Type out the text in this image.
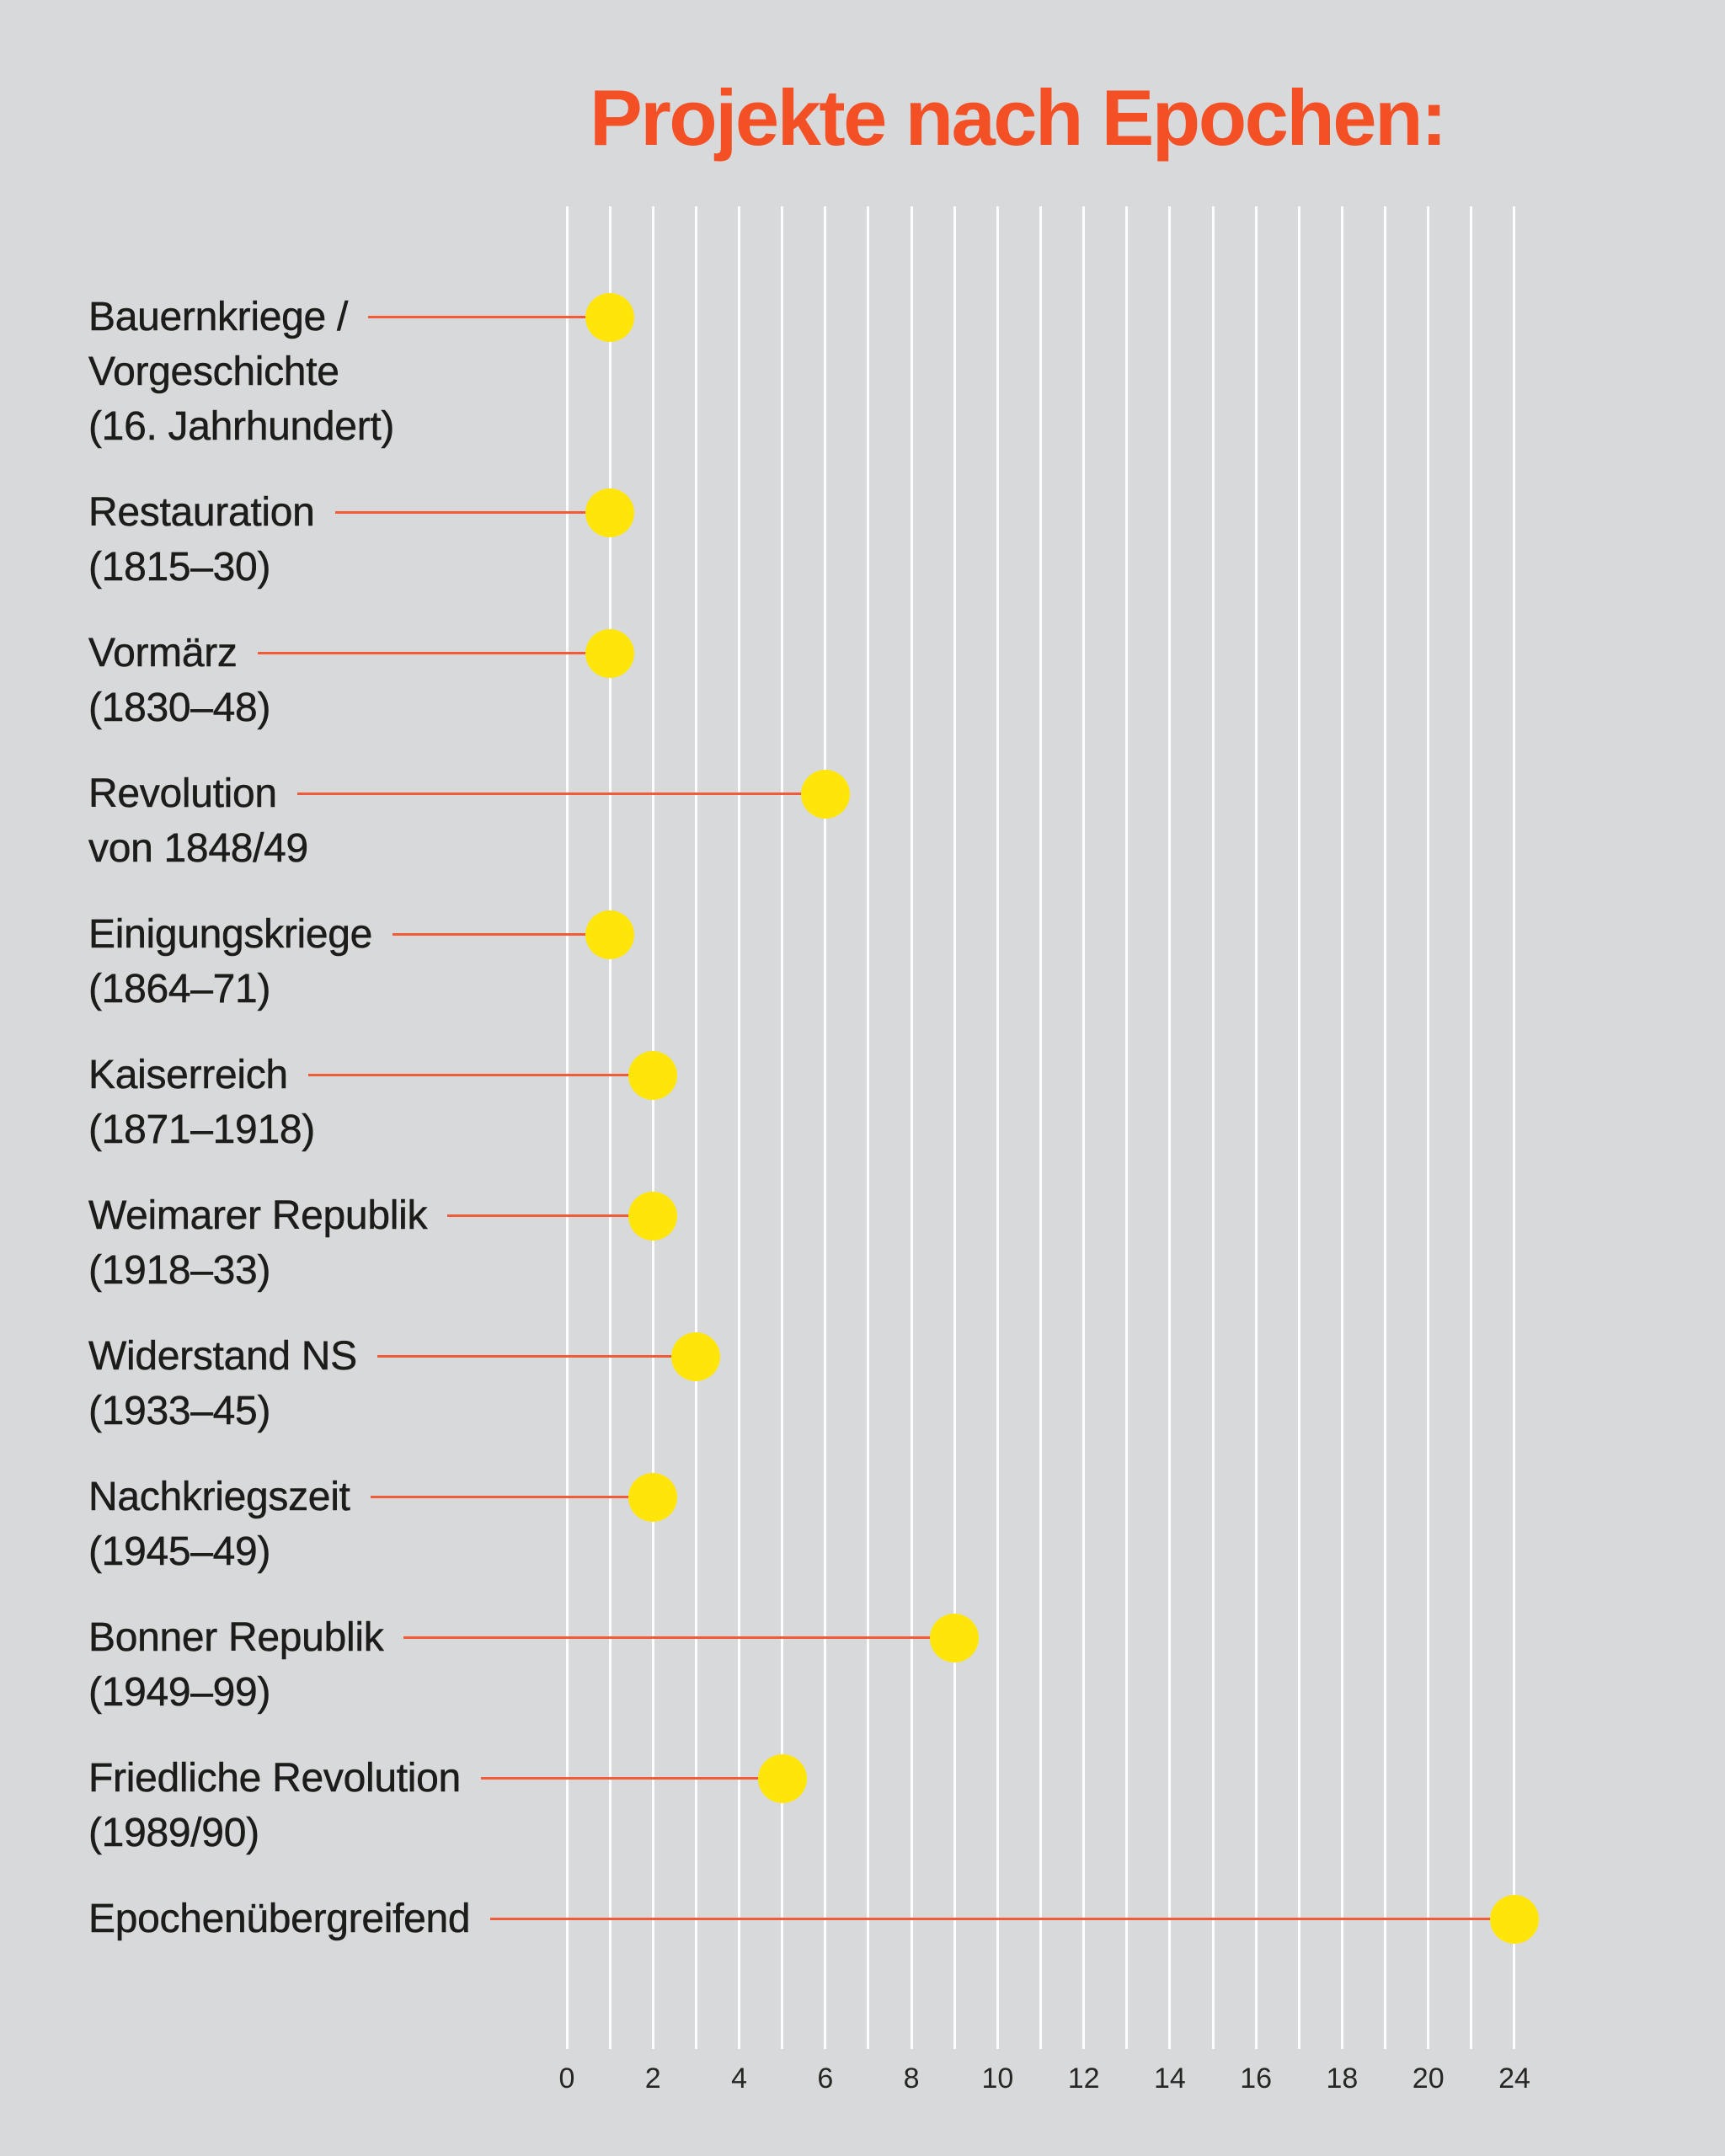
Projekte nach Epochen:
Bauernkriege /
Vorgeschichte
(16. Jahrhundert)
Restauration
(1815–30)
Vormärz
(1830–48)
Revolution
von 1848/49
Einigungskriege
(1864–71)
Kaiserreich
(1871–1918)
Weimarer Republik
(1918–33)
Widerstand NS
(1933–45)
Nachkriegszeit
(1945–49)
Bonner Republik
(1949–99)
Friedliche Revolution
(1989/90)
Epochenübergreifend
0	2	4	6	8	10	12	14	16	18	20	24
